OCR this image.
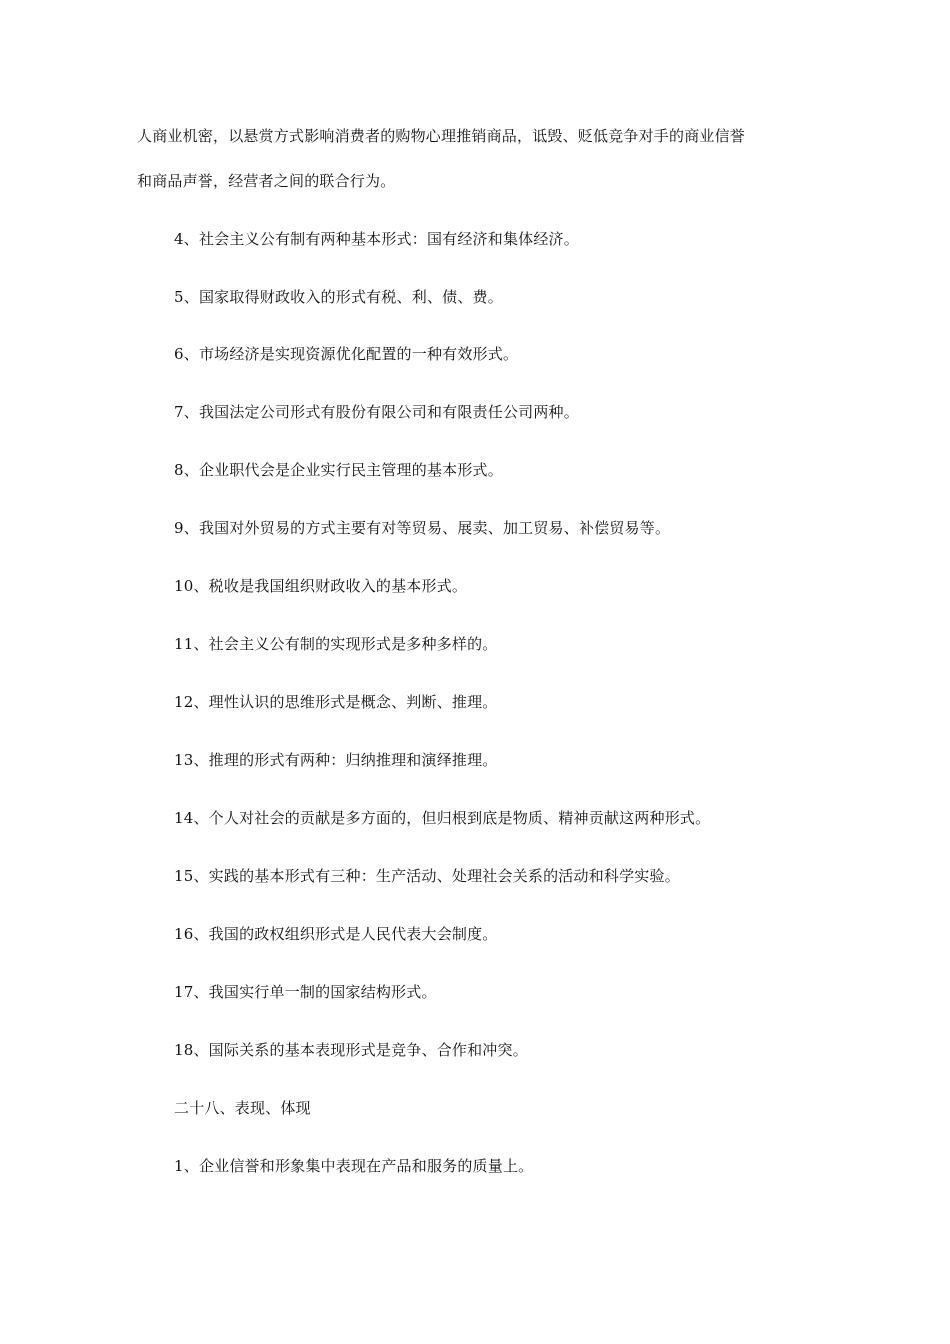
人商业机密，以悬赏方式影响消费者的购物心理推销商品，诋毁、贬低竞争对手的商业信誉

和商品声誉，经营者之间的联合行为。

4、社会主义公有制有两种基本形式：国有经济和集体经济。

5、国家取得财政收入的形式有税、利、债、费。

6、市场经济是实现资源优化配置的一种有效形式。

7、我国法定公司形式有股份有限公司和有限责任公司两种。

8、企业职代会是企业实行民主管理的基本形式。

9、我国对外贸易的方式主要有对等贸易、展卖、加工贸易、补偿贸易等。

10、税收是我国组织财政收入的基本形式。

11、社会主义公有制的实现形式是多种多样的。

12、理性认识的思维形式是概念、判断、推理。

13、推理的形式有两种：归纳推理和演绎推理。

14、个人对社会的贡献是多方面的，但归根到底是物质、精神贡献这两种形式。

15、实践的基本形式有三种：生产活动、处理社会关系的活动和科学实验。

16、我国的政权组织形式是人民代表大会制度。

17、我国实行单一制的国家结构形式。

18、国际关系的基本表现形式是竞争、合作和冲突。

二十八、表现、体现

1、企业信誉和形象集中表现在产品和服务的质量上。
